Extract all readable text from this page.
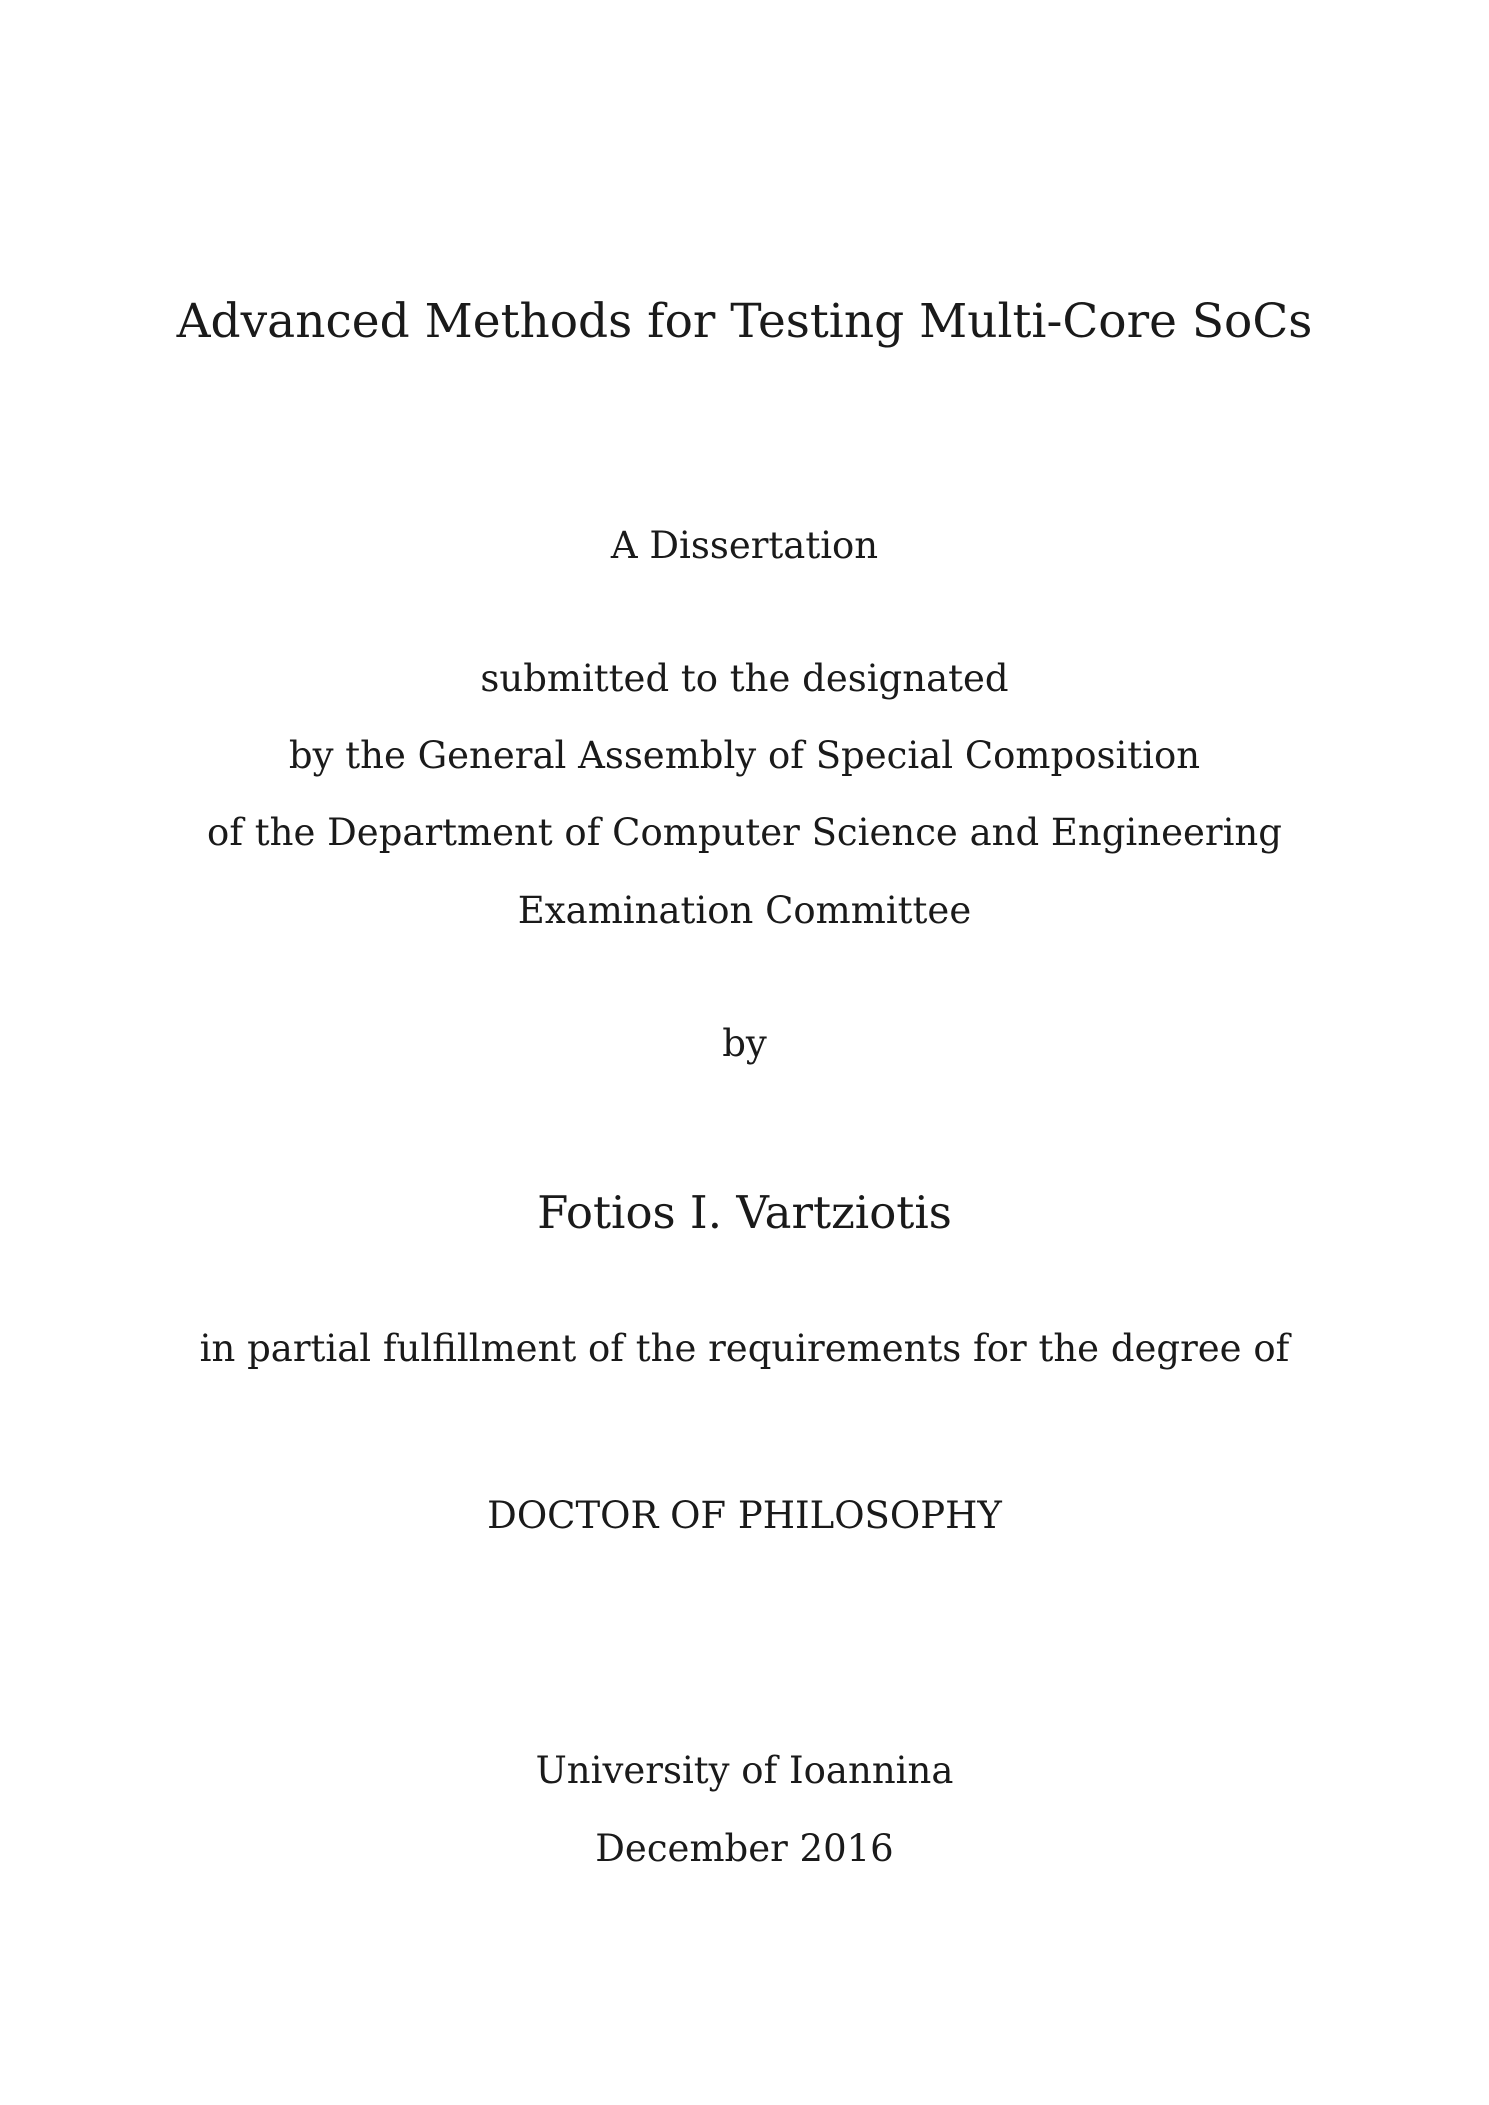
Advanced Methods for Testing Multi-Core SoCs
A Dissertation
submitted to the designated
by the General Assembly of Special Composition
of the Department of Computer Science and Engineering
Examination Committee
by
Fotios I. Vartziotis
in partial fulfillment of the requirements for the degree of
DOCTOR OF PHILOSOPHY
University of Ioannina
December 2016
